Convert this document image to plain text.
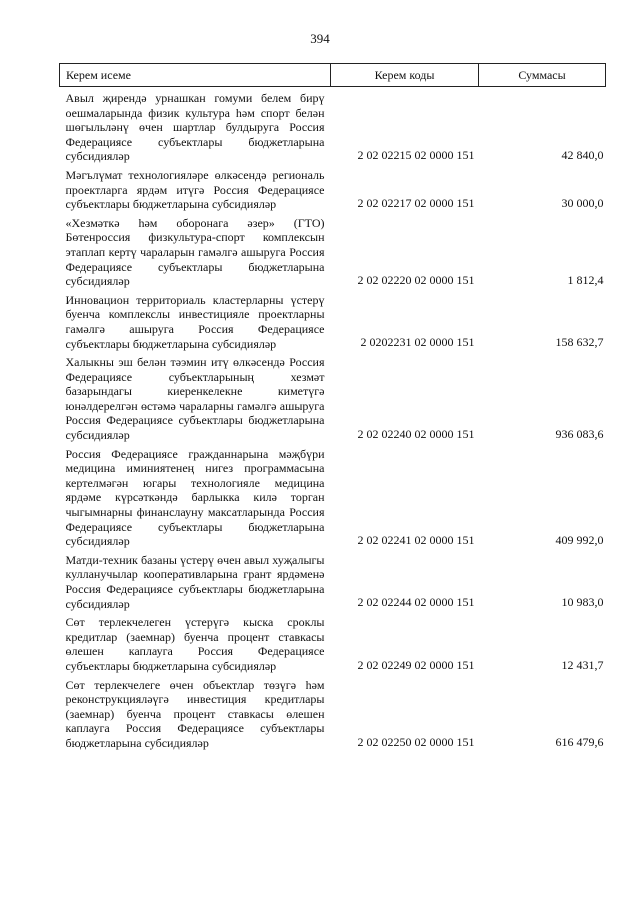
394
Керем исеме	Керем коды	Суммасы
Авыл җирендә урнашкан гомуми белем бирү оешмаларында физик культура һәм спорт белән шөгыльләнү өчен шартлар булдыруга Россия Федерациясе субъектлары бюджетларына субсидияләр	2 02 02215 02 0000 151	42 840,0
Мәгълүмат технологияләре өлкәсендә региональ проектларга ярдәм итүгә Россия Федерациясе субъектлары бюджетларына субсидияләр	2 02 02217 02 0000 151	30 000,0
«Хезмәткә һәм оборонага әзер» (ГТО) Бөтенроссия физкультура-спорт комплексын этаплап кертү чараларын гамәлгә ашыруга Россия Федерациясе субъектлары бюджетларына субсидияләр	2 02 02220 02 0000 151	1 812,4
Инновацион территориаль кластерларны үстерү буенча комплекслы инвестицияле проектларны гамәлгә ашыруга Россия Федерациясе субъектлары бюджетларына субсидияләр	2 0202231 02 0000 151	158 632,7
Халыкны эш белән тәэмин итү өлкәсендә Россия Федерациясе субъектларының хезмәт базарындагы киеренкелекне киметүгә юнәлдерелгән өстәмә чараларны гамәлгә ашыруга Россия Федерациясе субъектлары бюджетларына субсидияләр	2 02 02240 02 0000 151	936 083,6
Россия Федерациясе гражданнарына мәҗбүри медицина иминиятенең нигез программасына кертелмәгән югары технологияле медицина ярдәме күрсәткәндә барлыкка килә торган чыгымнарны финанслауну максатларында Россия Федерациясе субъектлары бюджетларына субсидияләр	2 02 02241 02 0000 151	409 992,0
Матди-техник базаны үстерү өчен авыл хуҗалыгы кулланучылар кооперативларына грант ярдәменә Россия Федерациясе субъектлары бюджетларына субсидияләр	2 02 02244 02 0000 151	10 983,0
Сөт терлекчелеген үстерүгә кыска сроклы кредитлар (заемнар) буенча процент ставкасы өлешен каплауга Россия Федерациясе субъектлары бюджетларына субсидияләр	2 02 02249 02 0000 151	12 431,7
Сөт терлекчелеге өчен объектлар төзүгә һәм реконструкцияләүгә инвестиция кредитлары (заемнар) буенча процент ставкасы өлешен каплауга Россия Федерациясе субъектлары бюджетларына субсидияләр	2 02 02250 02 0000 151	616 479,6
